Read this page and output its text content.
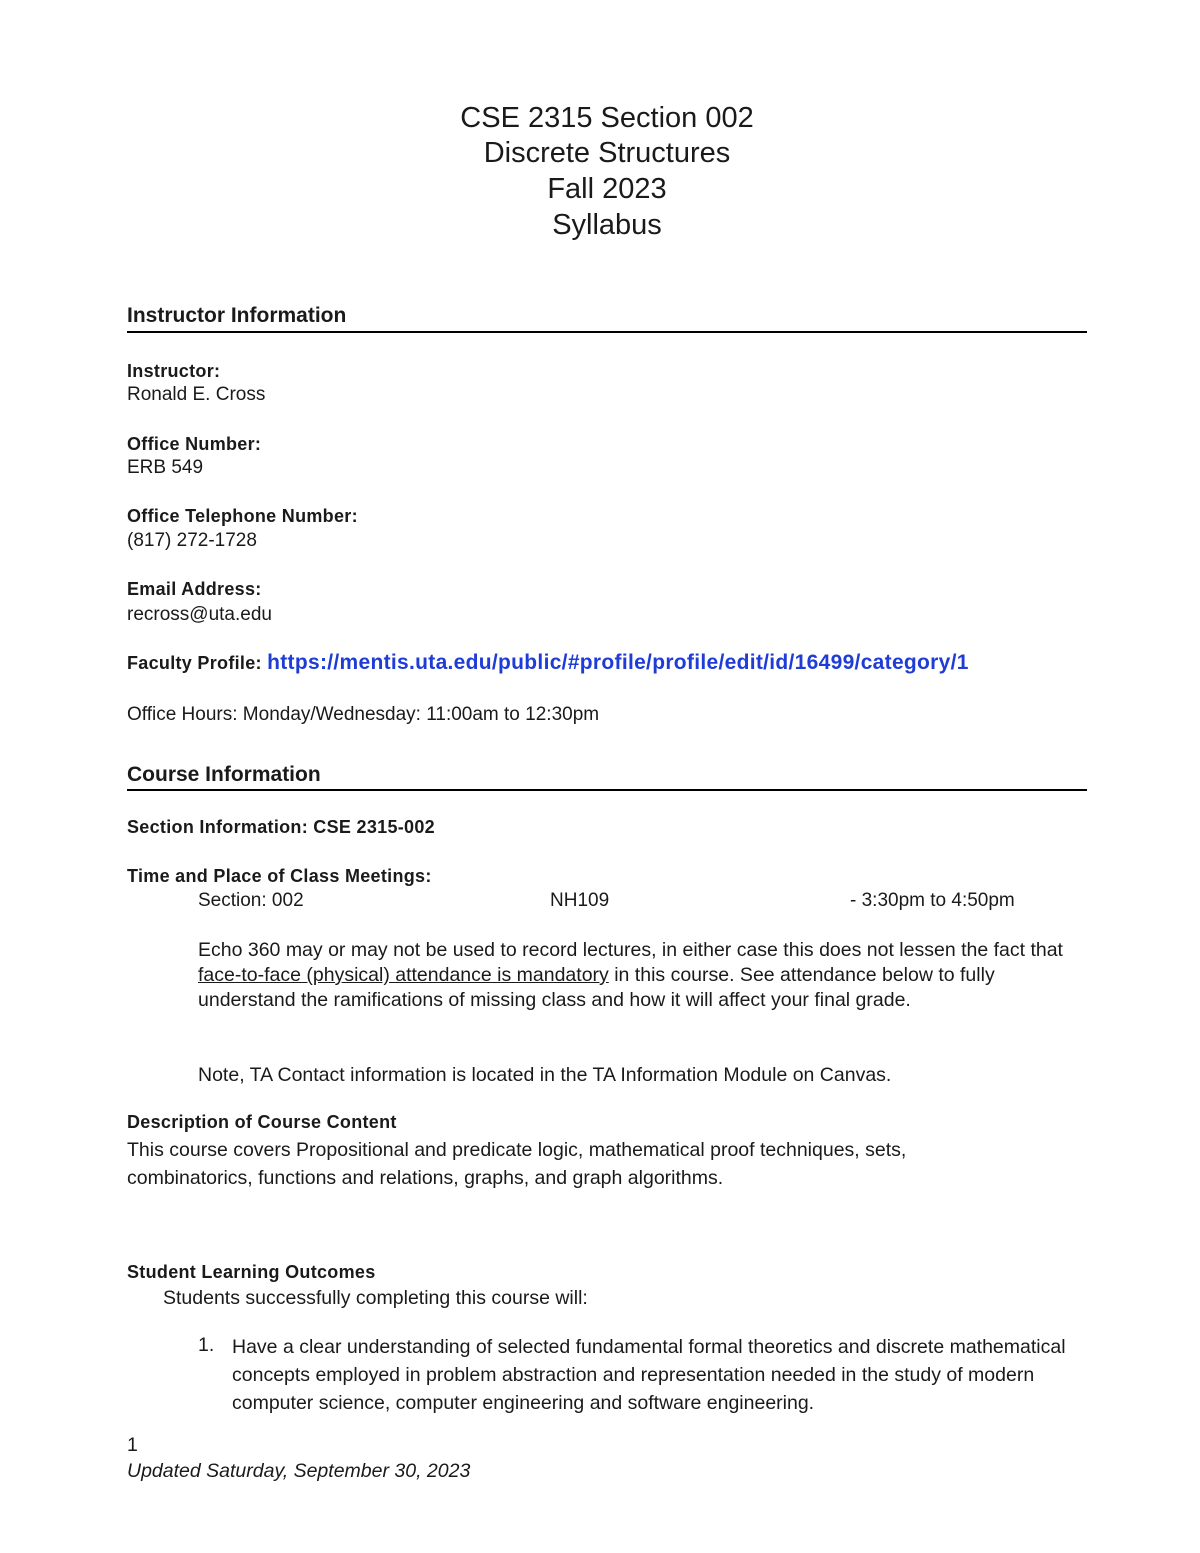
CSE 2315 Section 002
Discrete Structures
Fall 2023
Syllabus
Instructor Information
Instructor:
Ronald E. Cross
Office Number:
ERB 549
Office Telephone Number:
(817) 272-1728
Email Address:
recross@uta.edu
Faculty Profile: https://mentis.uta.edu/public/#profile/profile/edit/id/16499/category/1
Office Hours: Monday/Wednesday: 11:00am to 12:30pm
Course Information
Section Information: CSE 2315-002
Time and Place of Class Meetings:
Section: 002	NH109	- 3:30pm to 4:50pm
Echo 360 may or may not be used to record lectures, in either case this does not lessen the fact that face-to-face (physical) attendance is mandatory in this course. See attendance below to fully understand the ramifications of missing class and how it will affect your final grade.
Note, TA Contact information is located in the TA Information Module on Canvas.
Description of Course Content
This course covers Propositional and predicate logic, mathematical proof techniques, sets, combinatorics, functions and relations, graphs, and graph algorithms.
Student Learning Outcomes
Students successfully completing this course will:
1. Have a clear understanding of selected fundamental formal theoretics and discrete mathematical concepts employed in problem abstraction and representation needed in the study of modern computer science, computer engineering and software engineering.
1
Updated Saturday, September 30, 2023
